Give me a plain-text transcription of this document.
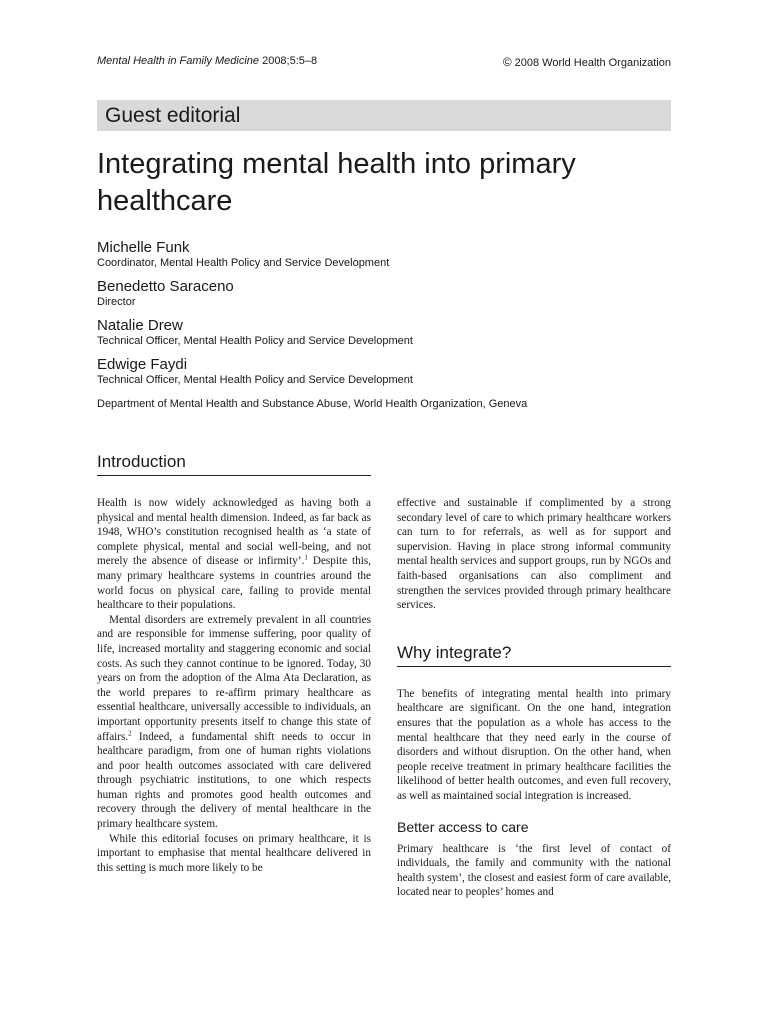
Mental Health in Family Medicine 2008;5:5–8	© 2008 World Health Organization
Guest editorial
Integrating mental health into primary healthcare
Michelle Funk
Coordinator, Mental Health Policy and Service Development
Benedetto Saraceno
Director
Natalie Drew
Technical Officer, Mental Health Policy and Service Development
Edwige Faydi
Technical Officer, Mental Health Policy and Service Development
Department of Mental Health and Substance Abuse, World Health Organization, Geneva
Introduction

Health is now widely acknowledged as having both a physical and mental health dimension. Indeed, as far back as 1948, WHO’s constitution recognised health as ‘a state of complete physical, mental and social well-being, and not merely the absence of disease or infirmity’.$^1$ Despite this, many primary healthcare systems in countries around the world focus on physical care, failing to provide mental healthcare to their populations.

Mental disorders are extremely prevalent in all countries and are responsible for immense suffering, poor quality of life, increased mortality and staggering economic and social costs. As such they cannot continue to be ignored. Today, 30 years on from the adoption of the Alma Ata Declaration, as the world prepares to re-affirm primary healthcare as essential healthcare, universally accessible to individuals, an important opportunity presents itself to change this state of affairs.$^2$ Indeed, a fundamental shift needs to occur in healthcare paradigm, from one of human rights violations and poor health outcomes associated with care delivered through psychiatric institutions, to one which respects human rights and promotes good health outcomes and recovery through the delivery of mental healthcare in the primary healthcare system.

While this editorial focuses on primary healthcare, it is important to emphasise that mental healthcare delivered in this setting is much more likely to be

effective and sustainable if complimented by a strong secondary level of care to which primary healthcare workers can turn to for referrals, as well as for support and supervision. Having in place strong informal community mental health services and support groups, run by NGOs and faith-based organisations can also compliment and strengthen the services provided through primary healthcare services.

Why integrate?

The benefits of integrating mental health into primary healthcare are significant. On the one hand, integration ensures that the population as a whole has access to the mental healthcare that they need early in the course of disorders and without disruption. On the other hand, when people receive treatment in primary healthcare facilities the likelihood of better health outcomes, and even full recovery, as well as maintained social integration is increased.

Better access to care

Primary healthcare is ‘the first level of contact of individuals, the family and community with the national health system’, the closest and easiest form of care available, located near to peoples’ homes and
